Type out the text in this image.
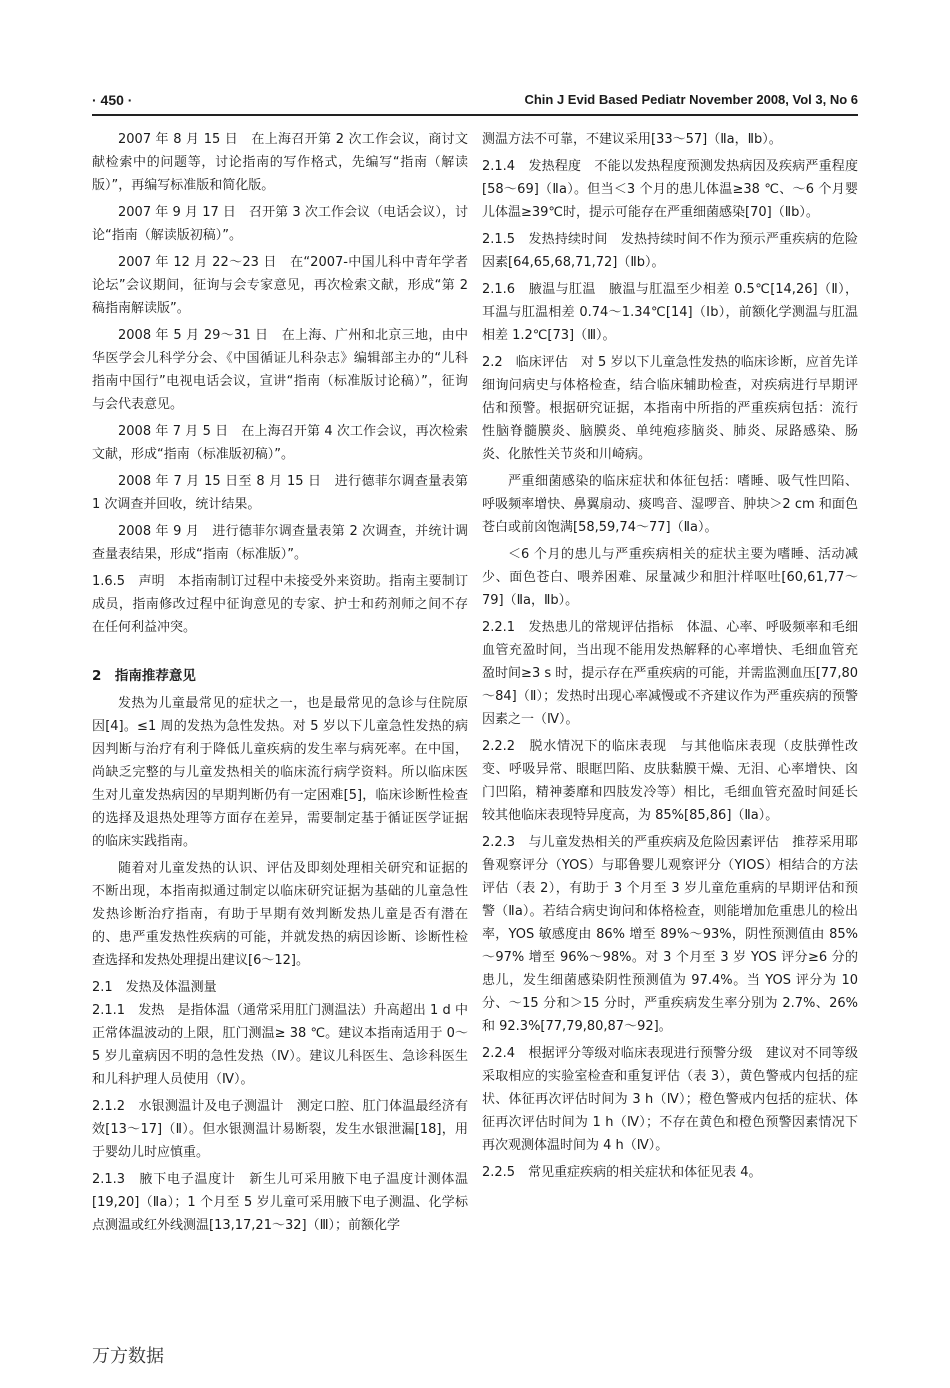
· 450 ·	Chin J Evid Based Pediatr November 2008, Vol 3, No 6

2007 年 8 月 15 日　在上海召开第 2 次工作会议，商讨文献检索中的问题等，讨论指南的写作格式，先编写“指南（解读版）”，再编写标准版和简化版。

2007 年 9 月 17 日　召开第 3 次工作会议（电话会议），讨论“指南（解读版初稿）”。

2007 年 12 月 22～23 日　在“2007-中国儿科中青年学者论坛”会议期间，征询与会专家意见，再次检索文献，形成“第 2 稿指南解读版”。

2008 年 5 月 29～31 日　在上海、广州和北京三地，由中华医学会儿科学分会、《中国循证儿科杂志》编辑部主办的“儿科指南中国行”电视电话会议，宣讲“指南（标准版讨论稿）”，征询与会代表意见。

2008 年 7 月 5 日　在上海召开第 4 次工作会议，再次检索文献，形成“指南（标准版初稿）”。

2008 年 7 月 15 日至 8 月 15 日　进行德菲尔调查量表第 1 次调查并回收，统计结果。

2008 年 9 月　进行德菲尔调查量表第 2 次调查，并统计调查量表结果，形成“指南（标准版）”。

1.6.5　声明　本指南制订过程中未接受外来资助。指南主要制订成员，指南修改过程中征询意见的专家、护士和药剂师之间不存在任何利益冲突。

2　指南推荐意见

发热为儿童最常见的症状之一，也是最常见的急诊与住院原因[4]。≤1 周的发热为急性发热。对 5 岁以下儿童急性发热的病因判断与治疗有利于降低儿童疾病的发生率与病死率。在中国，尚缺乏完整的与儿童发热相关的临床流行病学资料。所以临床医生对儿童发热病因的早期判断仍有一定困难[5]，临床诊断性检查的选择及退热处理等方面存在差异，需要制定基于循证医学证据的临床实践指南。

随着对儿童发热的认识、评估及即刻处理相关研究和证据的不断出现，本指南拟通过制定以临床研究证据为基础的儿童急性发热诊断治疗指南，有助于早期有效判断发热儿童是否有潜在的、患严重发热性疾病的可能，并就发热的病因诊断、诊断性检查选择和发热处理提出建议[6～12]。

2.1　发热及体温测量

2.1.1　发热　是指体温（通常采用肛门测温法）升高超出 1 d 中正常体温波动的上限，肛门测温≥ 38 ℃。建议本指南适用于 0～5 岁儿童病因不明的急性发热（Ⅳ）。建议儿科医生、急诊科医生和儿科护理人员使用（Ⅳ）。

2.1.2　水银测温计及电子测温计　测定口腔、肛门体温最经济有效[13～17]（Ⅱ）。但水银测温计易断裂，发生水银泄漏[18]，用于婴幼儿时应慎重。

2.1.3　腋下电子温度计　新生儿可采用腋下电子温度计测体温[19,20]（Ⅱa）；1 个月至 5 岁儿童可采用腋下电子测温、化学标点测温或红外线测温[13,17,21～32]（Ⅲ）；前额化学

测温方法不可靠，不建议采用[33～57]（Ⅱa，Ⅱb）。

2.1.4　发热程度　不能以发热程度预测发热病因及疾病严重程度[58～69]（Ⅱa）。但当＜3 个月的患儿体温≥38 ℃、～6 个月婴儿体温≥39℃时，提示可能存在严重细菌感染[70]（Ⅱb）。

2.1.5　发热持续时间　发热持续时间不作为预示严重疾病的危险因素[64,65,68,71,72]（Ⅱb）。

2.1.6　腋温与肛温　腋温与肛温至少相差 0.5℃[14,26]（Ⅱ），耳温与肛温相差 0.74～1.34℃[14]（Ⅰb），前额化学测温与肛温相差 1.2℃[73]（Ⅲ）。

2.2　临床评估　对 5 岁以下儿童急性发热的临床诊断，应首先详细询问病史与体格检查，结合临床辅助检查，对疾病进行早期评估和预警。根据研究证据，本指南中所指的严重疾病包括：流行性脑脊髓膜炎、脑膜炎、单纯疱疹脑炎、肺炎、尿路感染、肠炎、化脓性关节炎和川崎病。

严重细菌感染的临床症状和体征包括：嗜睡、吸气性凹陷、呼吸频率增快、鼻翼扇动、痰鸣音、湿啰音、肿块＞2 cm 和面色苍白或前囟饱满[58,59,74～77]（Ⅱa）。

＜6 个月的患儿与严重疾病相关的症状主要为嗜睡、活动减少、面色苍白、喂养困难、尿量减少和胆汁样呕吐[60,61,77～79]（Ⅱa，Ⅱb）。

2.2.1　发热患儿的常规评估指标　体温、心率、呼吸频率和毛细血管充盈时间，当出现不能用发热解释的心率增快、毛细血管充盈时间≥3 s 时，提示存在严重疾病的可能，并需监测血压[77,80～84]（Ⅱ）；发热时出现心率减慢或不齐建议作为严重疾病的预警因素之一（Ⅳ）。

2.2.2　脱水情况下的临床表现　与其他临床表现（皮肤弹性改变、呼吸异常、眼眶凹陷、皮肤黏膜干燥、无泪、心率增快、囟门凹陷，精神萎靡和四肢发冷等）相比，毛细血管充盈时间延长较其他临床表现特异度高，为 85%[85,86]（Ⅱa）。

2.2.3　与儿童发热相关的严重疾病及危险因素评估　推荐采用耶鲁观察评分（YOS）与耶鲁婴儿观察评分（YIOS）相结合的方法评估（表 2），有助于 3 个月至 3 岁儿童危重病的早期评估和预警（Ⅱa）。若结合病史询问和体格检查，则能增加危重患儿的检出率，YOS 敏感度由 86% 增至 89%～93%，阴性预测值由 85%～97% 增至 96%～98%。对 3 个月至 3 岁 YOS 评分≥6 分的患儿，发生细菌感染阴性预测值为 97.4%。当 YOS 评分为 10 分、～15 分和＞15 分时，严重疾病发生率分别为 2.7%、26% 和 92.3%[77,79,80,87～92]。

2.2.4　根据评分等级对临床表现进行预警分级　建议对不同等级采取相应的实验室检查和重复评估（表 3），黄色警戒内包括的症状、体征再次评估时间为 3 h（Ⅳ）；橙色警戒内包括的症状、体征再次评估时间为 1 h（Ⅳ）；不存在黄色和橙色预警因素情况下再次观测体温时间为 4 h（Ⅳ）。

2.2.5　常见重症疾病的相关症状和体征见表 4。

万方数据
